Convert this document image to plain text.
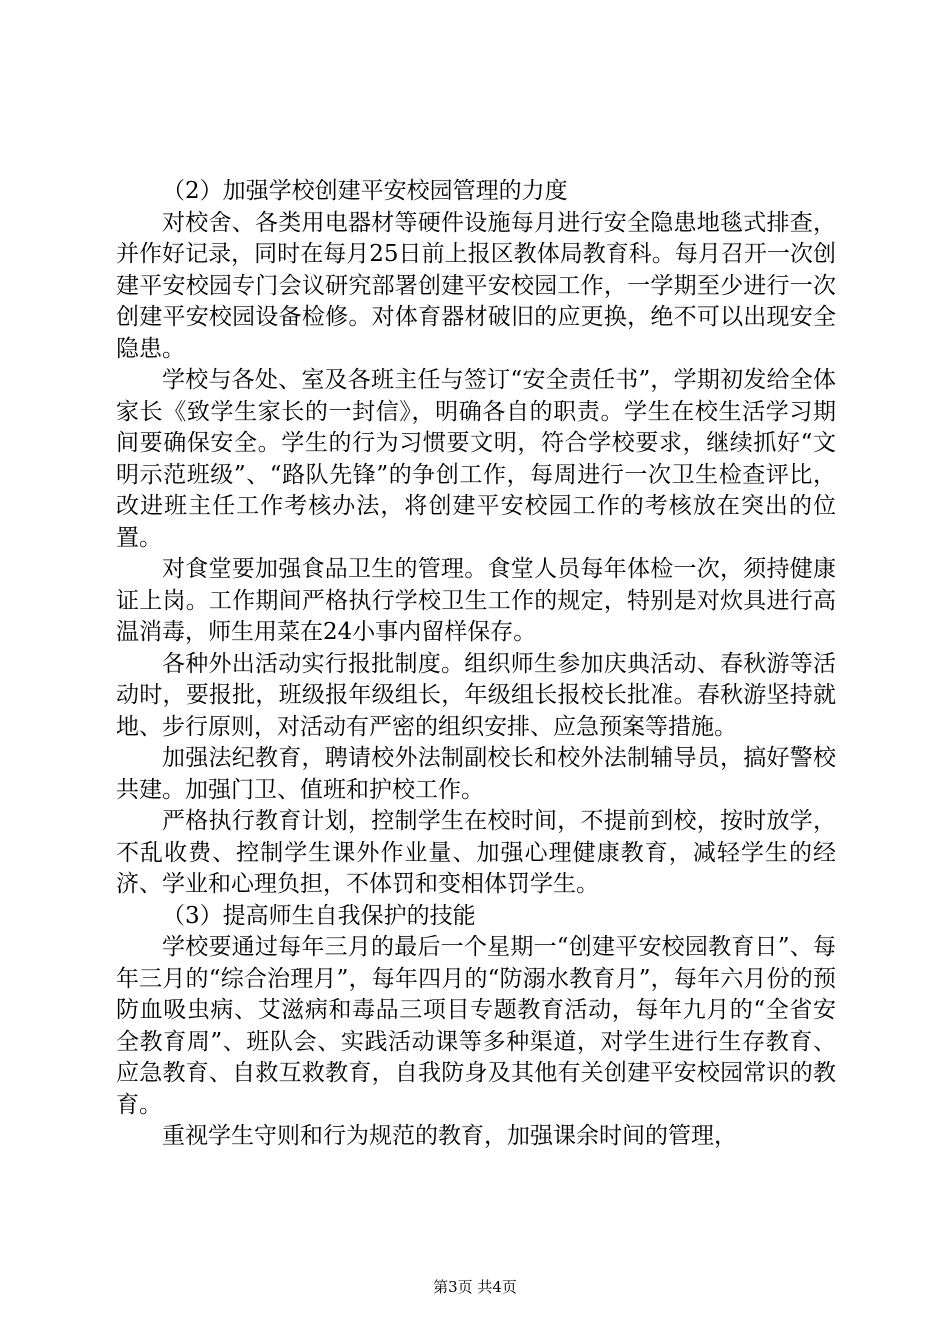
（2）加强学校创建平安校园管理的力度

对校舍、各类用电器材等硬件设施每月进行安全隐患地毯式排查，并作好记录，同时在每月25日前上报区教体局教育科。每月召开一次创建平安校园专门会议研究部署创建平安校园工作，一学期至少进行一次创建平安校园设备检修。对体育器材破旧的应更换，绝不可以出现安全隐患。

学校与各处、室及各班主任与签订“安全责任书”，学期初发给全体家长《致学生家长的一封信》，明确各自的职责。学生在校生活学习期间要确保安全。学生的行为习惯要文明，符合学校要求，继续抓好“文明示范班级”、“路队先锋”的争创工作，每周进行一次卫生检查评比，改进班主任工作考核办法，将创建平安校园工作的考核放在突出的位置。

对食堂要加强食品卫生的管理。食堂人员每年体检一次，须持健康证上岗。工作期间严格执行学校卫生工作的规定，特别是对炊具进行高温消毒，师生用菜在24小事内留样保存。

各种外出活动实行报批制度。组织师生参加庆典活动、春秋游等活动时，要报批，班级报年级组长，年级组长报校长批准。春秋游坚持就地、步行原则，对活动有严密的组织安排、应急预案等措施。

加强法纪教育，聘请校外法制副校长和校外法制辅导员，搞好警校共建。加强门卫、值班和护校工作。

严格执行教育计划，控制学生在校时间，不提前到校，按时放学，不乱收费、控制学生课外作业量、加强心理健康教育，减轻学生的经济、学业和心理负担，不体罚和变相体罚学生。

（3）提高师生自我保护的技能

学校要通过每年三月的最后一个星期一“创建平安校园教育日”、每年三月的“综合治理月”，每年四月的“防溺水教育月”，每年六月份的预防血吸虫病、艾滋病和毒品三项目专题教育活动，每年九月的“全省安全教育周”、班队会、实践活动课等多种渠道，对学生进行生存教育、应急教育、自救互救教育，自我防身及其他有关创建平安校园常识的教育。

重视学生守则和行为规范的教育，加强课余时间的管理，

第3页 共4页
